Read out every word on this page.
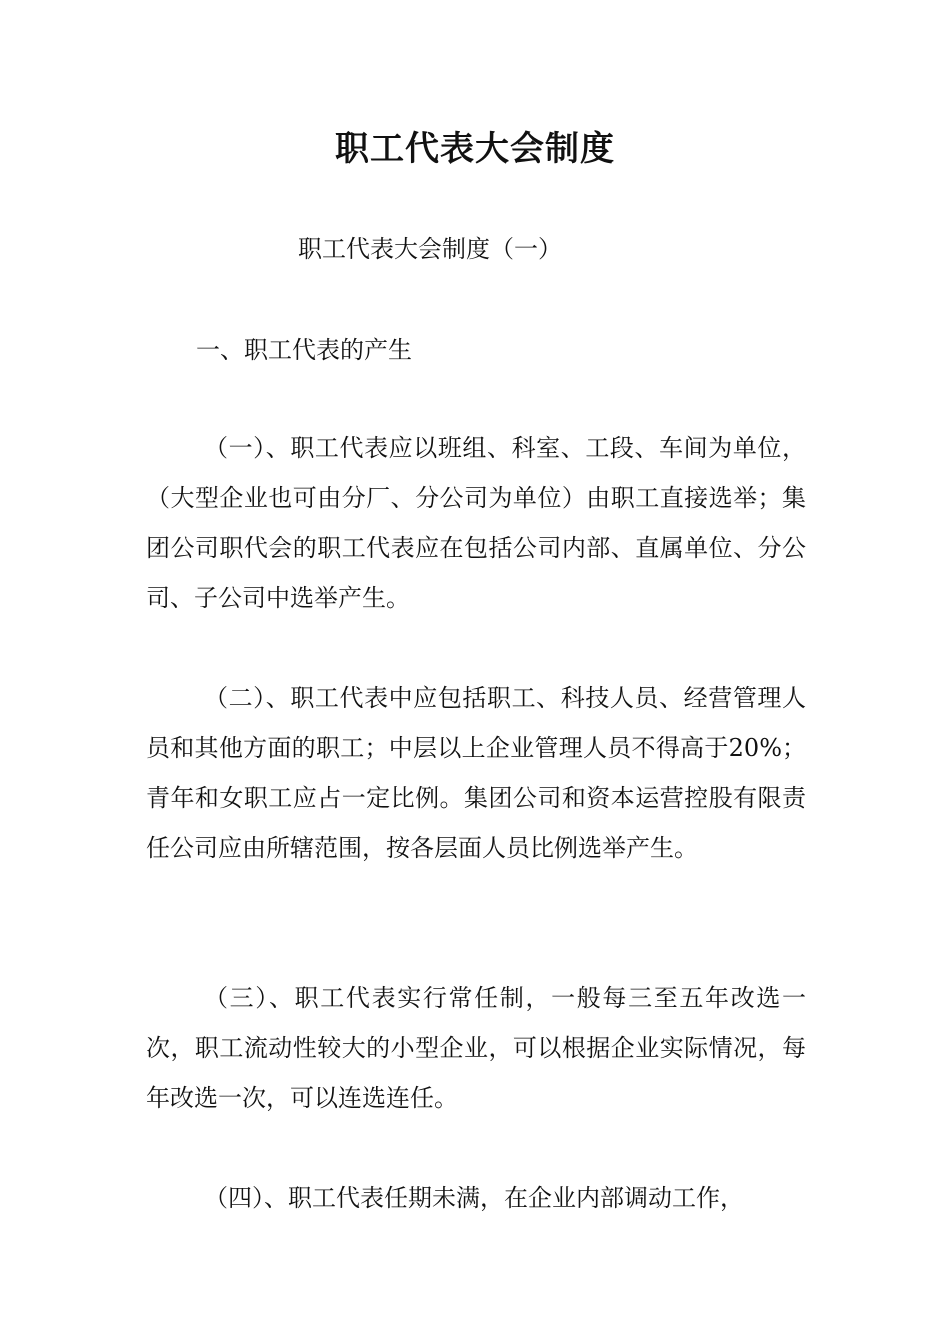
职工代表大会制度
职工代表大会制度（一）
一、职工代表的产生

（一）、职工代表应以班组、科室、工段、车间为单位，（大型企业也可由分厂、分公司为单位）由职工直接选举；集团公司职代会的职工代表应在包括公司内部、直属单位、分公司、子公司中选举产生。

（二）、职工代表中应包括职工、科技人员、经营管理人员和其他方面的职工；中层以上企业管理人员不得高于20%；青年和女职工应占一定比例。集团公司和资本运营控股有限责任公司应由所辖范围，按各层面人员比例选举产生。

（三）、职工代表实行常任制，一般每三至五年改选一次，职工流动性较大的小型企业，可以根据企业实际情况，每年改选一次，可以连选连任。

（四）、职工代表任期未满，在企业内部调动工作，
